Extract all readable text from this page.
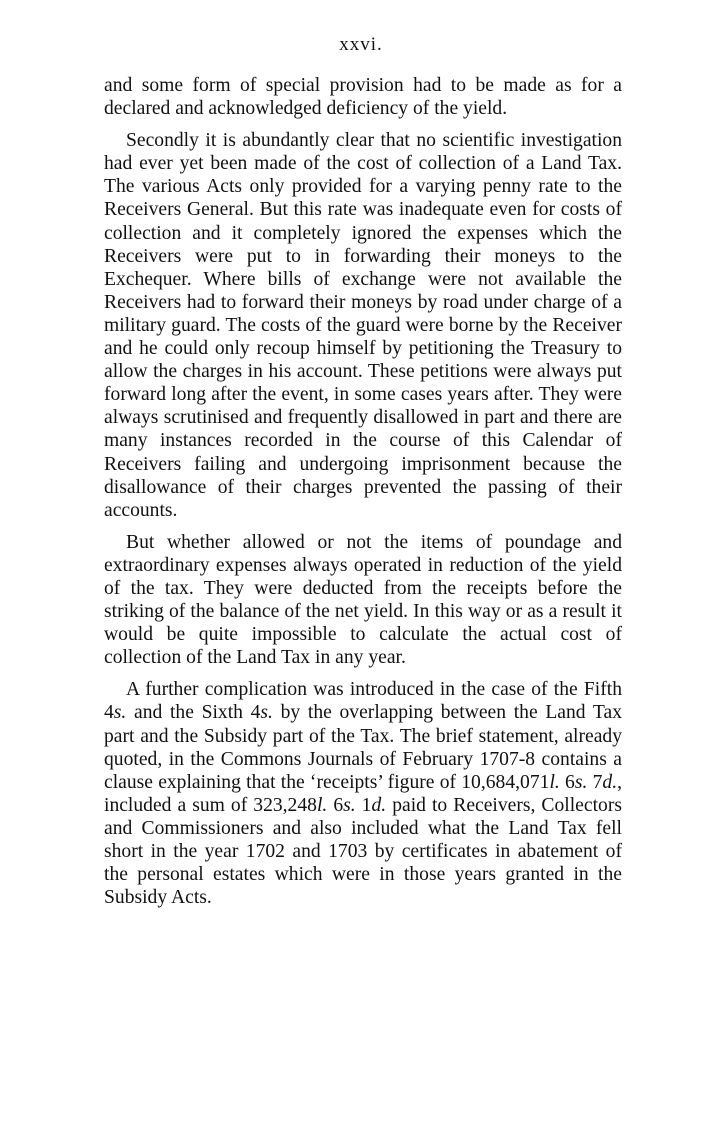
xxvi.

and some form of special provision had to be made as for a declared and acknowledged deficiency of the yield.

Secondly it is abundantly clear that no scientific investigation had ever yet been made of the cost of collection of a Land Tax. The various Acts only provided for a varying penny rate to the Receivers General. But this rate was inadequate even for costs of collection and it completely ignored the expenses which the Receivers were put to in forwarding their moneys to the Exchequer. Where bills of exchange were not available the Receivers had to forward their moneys by road under charge of a military guard. The costs of the guard were borne by the Receiver and he could only recoup himself by petitioning the Treasury to allow the charges in his account. These petitions were always put forward long after the event, in some cases years after. They were always scrutinised and frequently disallowed in part and there are many instances recorded in the course of this Calendar of Receivers failing and undergoing imprisonment because the disallowance of their charges prevented the passing of their accounts.

But whether allowed or not the items of poundage and extraordinary expenses always operated in reduction of the yield of the tax. They were deducted from the receipts before the striking of the balance of the net yield. In this way or as a result it would be quite impossible to calculate the actual cost of collection of the Land Tax in any year.

A further complication was introduced in the case of the Fifth 4s. and the Sixth 4s. by the overlapping between the Land Tax part and the Subsidy part of the Tax. The brief statement, already quoted, in the Commons Journals of February 1707-8 contains a clause explaining that the ‘receipts’ figure of 10,684,071l. 6s. 7d., included a sum of 323,248l. 6s. 1d. paid to Receivers, Collectors and Commissioners and also included what the Land Tax fell short in the year 1702 and 1703 by certificates in abatement of the personal estates which were in those years granted in the Subsidy Acts.
